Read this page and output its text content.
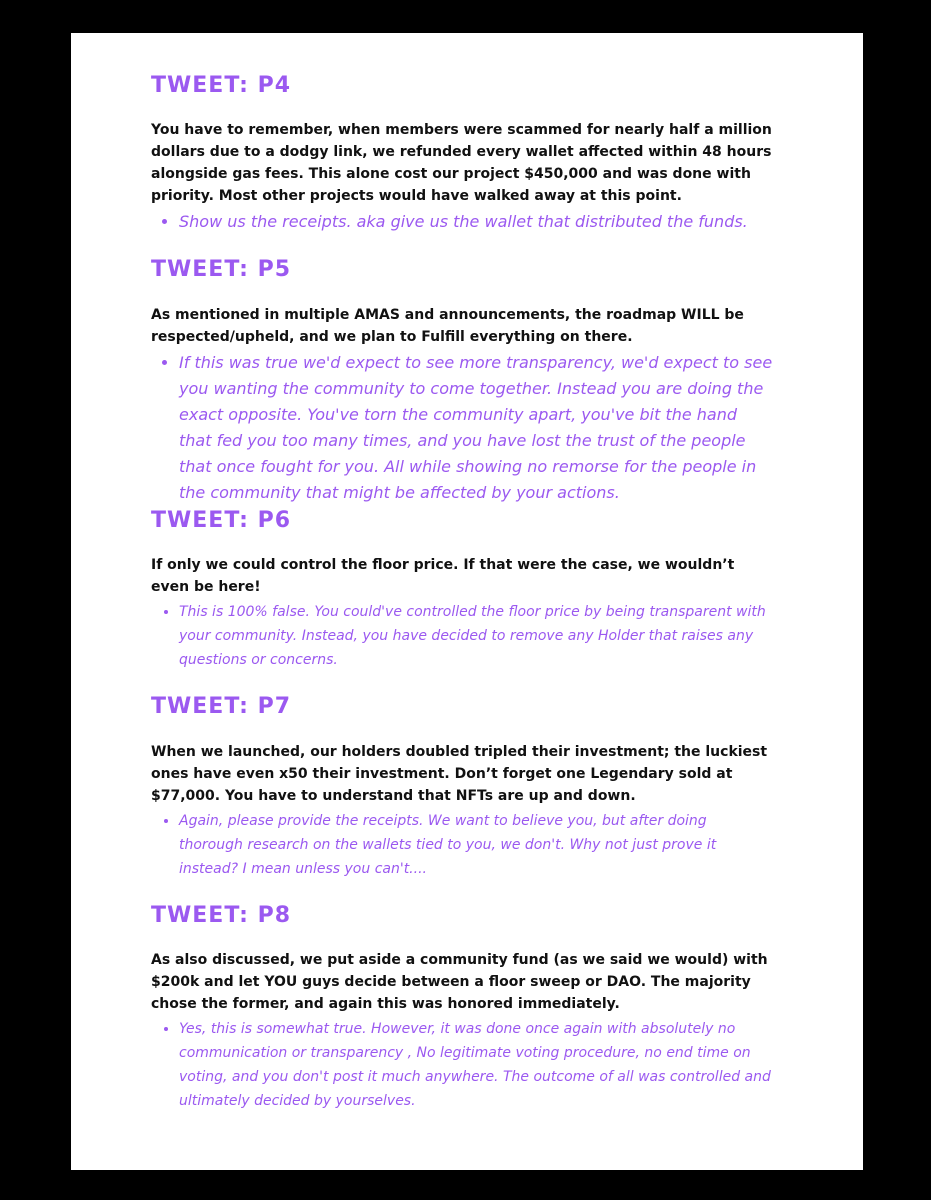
TWEET: P4

You have to remember, when members were scammed for nearly half a million dollars due to a dodgy link, we refunded every wallet affected within 48 hours alongside gas fees. This alone cost our project $450,000 and was done with priority. Most other projects would have walked away at this point.

• Show us the receipts. aka give us the wallet that distributed the funds.
TWEET: P5

As mentioned in multiple AMAS and announcements, the roadmap WILL be respected/upheld, and we plan to Fulfill everything on there.

• If this was true we'd expect to see more transparency, we'd expect to see you wanting the community to come together. Instead you are doing the exact opposite. You've torn the community apart, you've bit the hand that fed you too many times, and you have lost the trust of the people that once fought for you. All while showing no remorse for the people in the community that might be affected by your actions.
TWEET: P6

If only we could control the floor price. If that were the case, we wouldn’t even be here!

• This is 100% false. You could've controlled the floor price by being transparent with your community. Instead, you have decided to remove any Holder that raises any questions or concerns.
TWEET: P7

When we launched, our holders doubled tripled their investment; the luckiest ones have even x50 their investment. Don’t forget one Legendary sold at $77,000. You have to understand that NFTs are up and down.

• Again, please provide the receipts. We want to believe you, but after doing thorough research on the wallets tied to you, we don't. Why not just prove it instead? I mean unless you can't....
TWEET: P8

As also discussed, we put aside a community fund (as we said we would) with $200k and let YOU guys decide between a floor sweep or DAO. The majority chose the former, and again this was honored immediately.

• Yes, this is somewhat true. However, it was done once again with absolutely no communication or transparency , No legitimate voting procedure, no end time on voting, and you don't post it much anywhere. The outcome of all was controlled and ultimately decided by yourselves.
